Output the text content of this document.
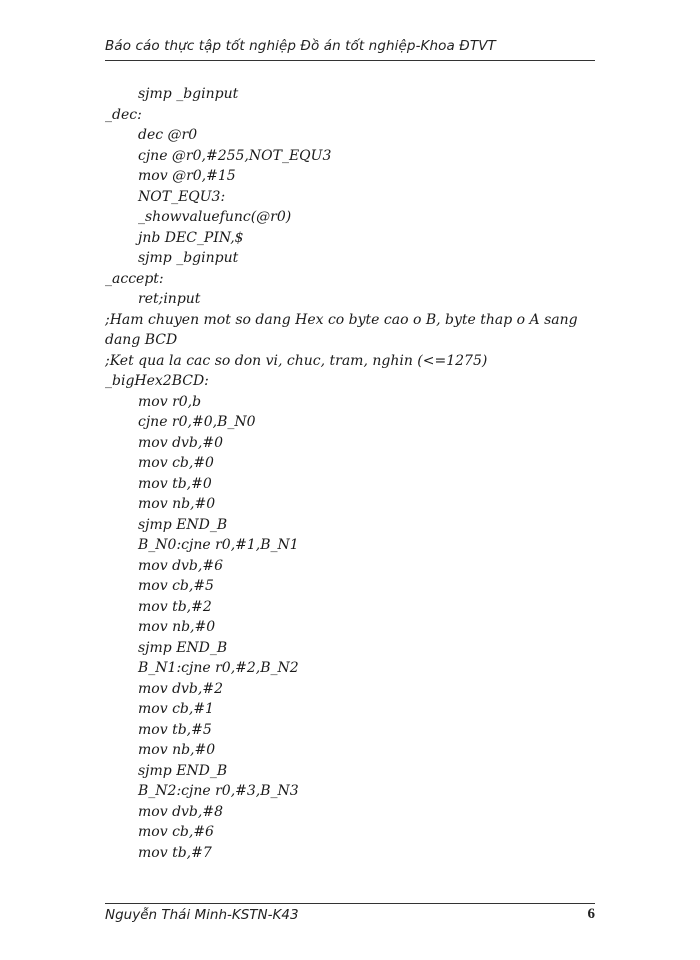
Báo cáo thực tập tốt nghiệp Đồ án tốt nghiệp-Khoa ĐTVT
sjmp _bginput
_dec:
dec @r0
cjne @r0,#255,NOT_EQU3
mov @r0,#15
NOT_EQU3:
_showvaluefunc(@r0)
jnb DEC_PIN,$
sjmp _bginput
_accept:
ret;input
;Ham chuyen mot so dang Hex co byte cao o B, byte thap o A sang dang BCD
;Ket qua la cac so don vi, chuc, tram, nghin (<=1275)
_bigHex2BCD:
mov r0,b
cjne r0,#0,B_N0
mov dvb,#0
mov cb,#0
mov tb,#0
mov nb,#0
sjmp END_B
B_N0:cjne r0,#1,B_N1
mov dvb,#6
mov cb,#5
mov tb,#2
mov nb,#0
sjmp END_B
B_N1:cjne r0,#2,B_N2
mov dvb,#2
mov cb,#1
mov tb,#5
mov nb,#0
sjmp END_B
B_N2:cjne r0,#3,B_N3
mov dvb,#8
mov cb,#6
mov tb,#7
Nguyễn Thái Minh-KSTN-K43	6
